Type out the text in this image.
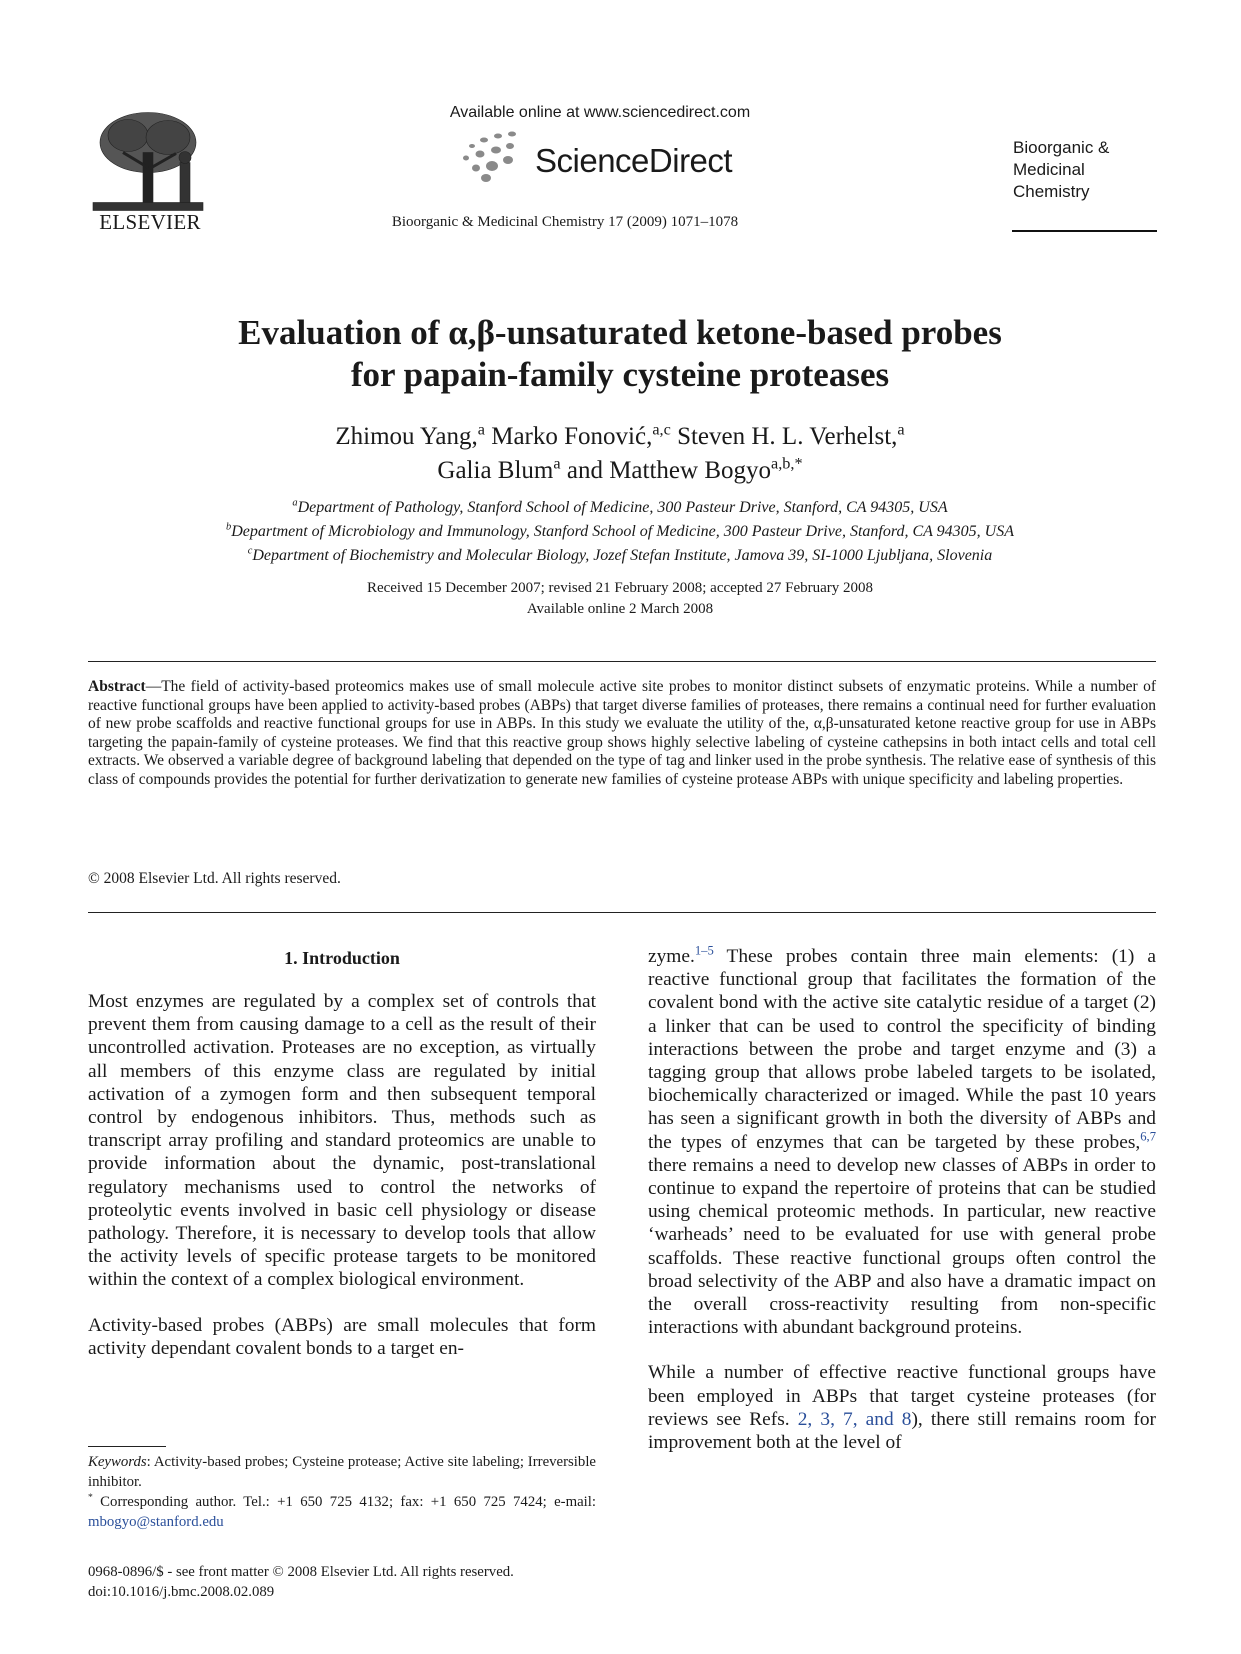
ELSEVIER
Available online at www.sciencedirect.com
ScienceDirect
Bioorganic & Medicinal Chemistry 17 (2009) 1071–1078
Bioorganic &
Medicinal
Chemistry
Evaluation of α,β-unsaturated ketone-based probes
for papain-family cysteine proteases
Zhimou Yang,$^a$ Marko Fonović,$^{a,c}$ Steven H. L. Verhelst,$^a$
Galia Blum$^a$ and Matthew Bogyo$^{a,b,*}$
$^a$Department of Pathology, Stanford School of Medicine, 300 Pasteur Drive, Stanford, CA 94305, USA
$^b$Department of Microbiology and Immunology, Stanford School of Medicine, 300 Pasteur Drive, Stanford, CA 94305, USA
$^c$Department of Biochemistry and Molecular Biology, Jozef Stefan Institute, Jamova 39, SI-1000 Ljubljana, Slovenia
Received 15 December 2007; revised 21 February 2008; accepted 27 February 2008
Available online 2 March 2008
Abstract—The field of activity-based proteomics makes use of small molecule active site probes to monitor distinct subsets of enzymatic proteins. While a number of reactive functional groups have been applied to activity-based probes (ABPs) that target diverse families of proteases, there remains a continual need for further evaluation of new probe scaffolds and reactive functional groups for use in ABPs. In this study we evaluate the utility of the, α,β-unsaturated ketone reactive group for use in ABPs targeting the papain-family of cysteine proteases. We find that this reactive group shows highly selective labeling of cysteine cathepsins in both intact cells and total cell extracts. We observed a variable degree of background labeling that depended on the type of tag and linker used in the probe synthesis. The relative ease of synthesis of this class of compounds provides the potential for further derivatization to generate new families of cysteine protease ABPs with unique specificity and labeling properties.
© 2008 Elsevier Ltd. All rights reserved.
1. Introduction

Most enzymes are regulated by a complex set of controls that prevent them from causing damage to a cell as the result of their uncontrolled activation. Proteases are no exception, as virtually all members of this enzyme class are regulated by initial activation of a zymogen form and then subsequent temporal control by endogenous inhibitors. Thus, methods such as transcript array profiling and standard proteomics are unable to provide information about the dynamic, post-translational regulatory mechanisms used to control the networks of proteolytic events involved in basic cell physiology or disease pathology. Therefore, it is necessary to develop tools that allow the activity levels of specific protease targets to be monitored within the context of a complex biological environment.

Activity-based probes (ABPs) are small molecules that form activity dependant covalent bonds to a target en-

zyme.$^{1-5}$ These probes contain three main elements: (1) a reactive functional group that facilitates the formation of the covalent bond with the active site catalytic residue of a target (2) a linker that can be used to control the specificity of binding interactions between the probe and target enzyme and (3) a tagging group that allows probe labeled targets to be isolated, biochemically characterized or imaged. While the past 10 years has seen a significant growth in both the diversity of ABPs and the types of enzymes that can be targeted by these probes,$^{6,7}$ there remains a need to develop new classes of ABPs in order to continue to expand the repertoire of proteins that can be studied using chemical proteomic methods. In particular, new reactive ‘warheads’ need to be evaluated for use with general probe scaffolds. These reactive functional groups often control the broad selectivity of the ABP and also have a dramatic impact on the overall cross-reactivity resulting from non-specific interactions with abundant background proteins.

While a number of effective reactive functional groups have been employed in ABPs that target cysteine proteases (for reviews see Refs. 2, 3, 7, and 8), there still remains room for improvement both at the level of

Keywords: Activity-based probes; Cysteine protease; Active site labeling; Irreversible inhibitor.
* Corresponding author. Tel.: +1 650 725 4132; fax: +1 650 725 7424; e-mail: mbogyo@stanford.edu
0968-0896/$ - see front matter © 2008 Elsevier Ltd. All rights reserved.
doi:10.1016/j.bmc.2008.02.089
